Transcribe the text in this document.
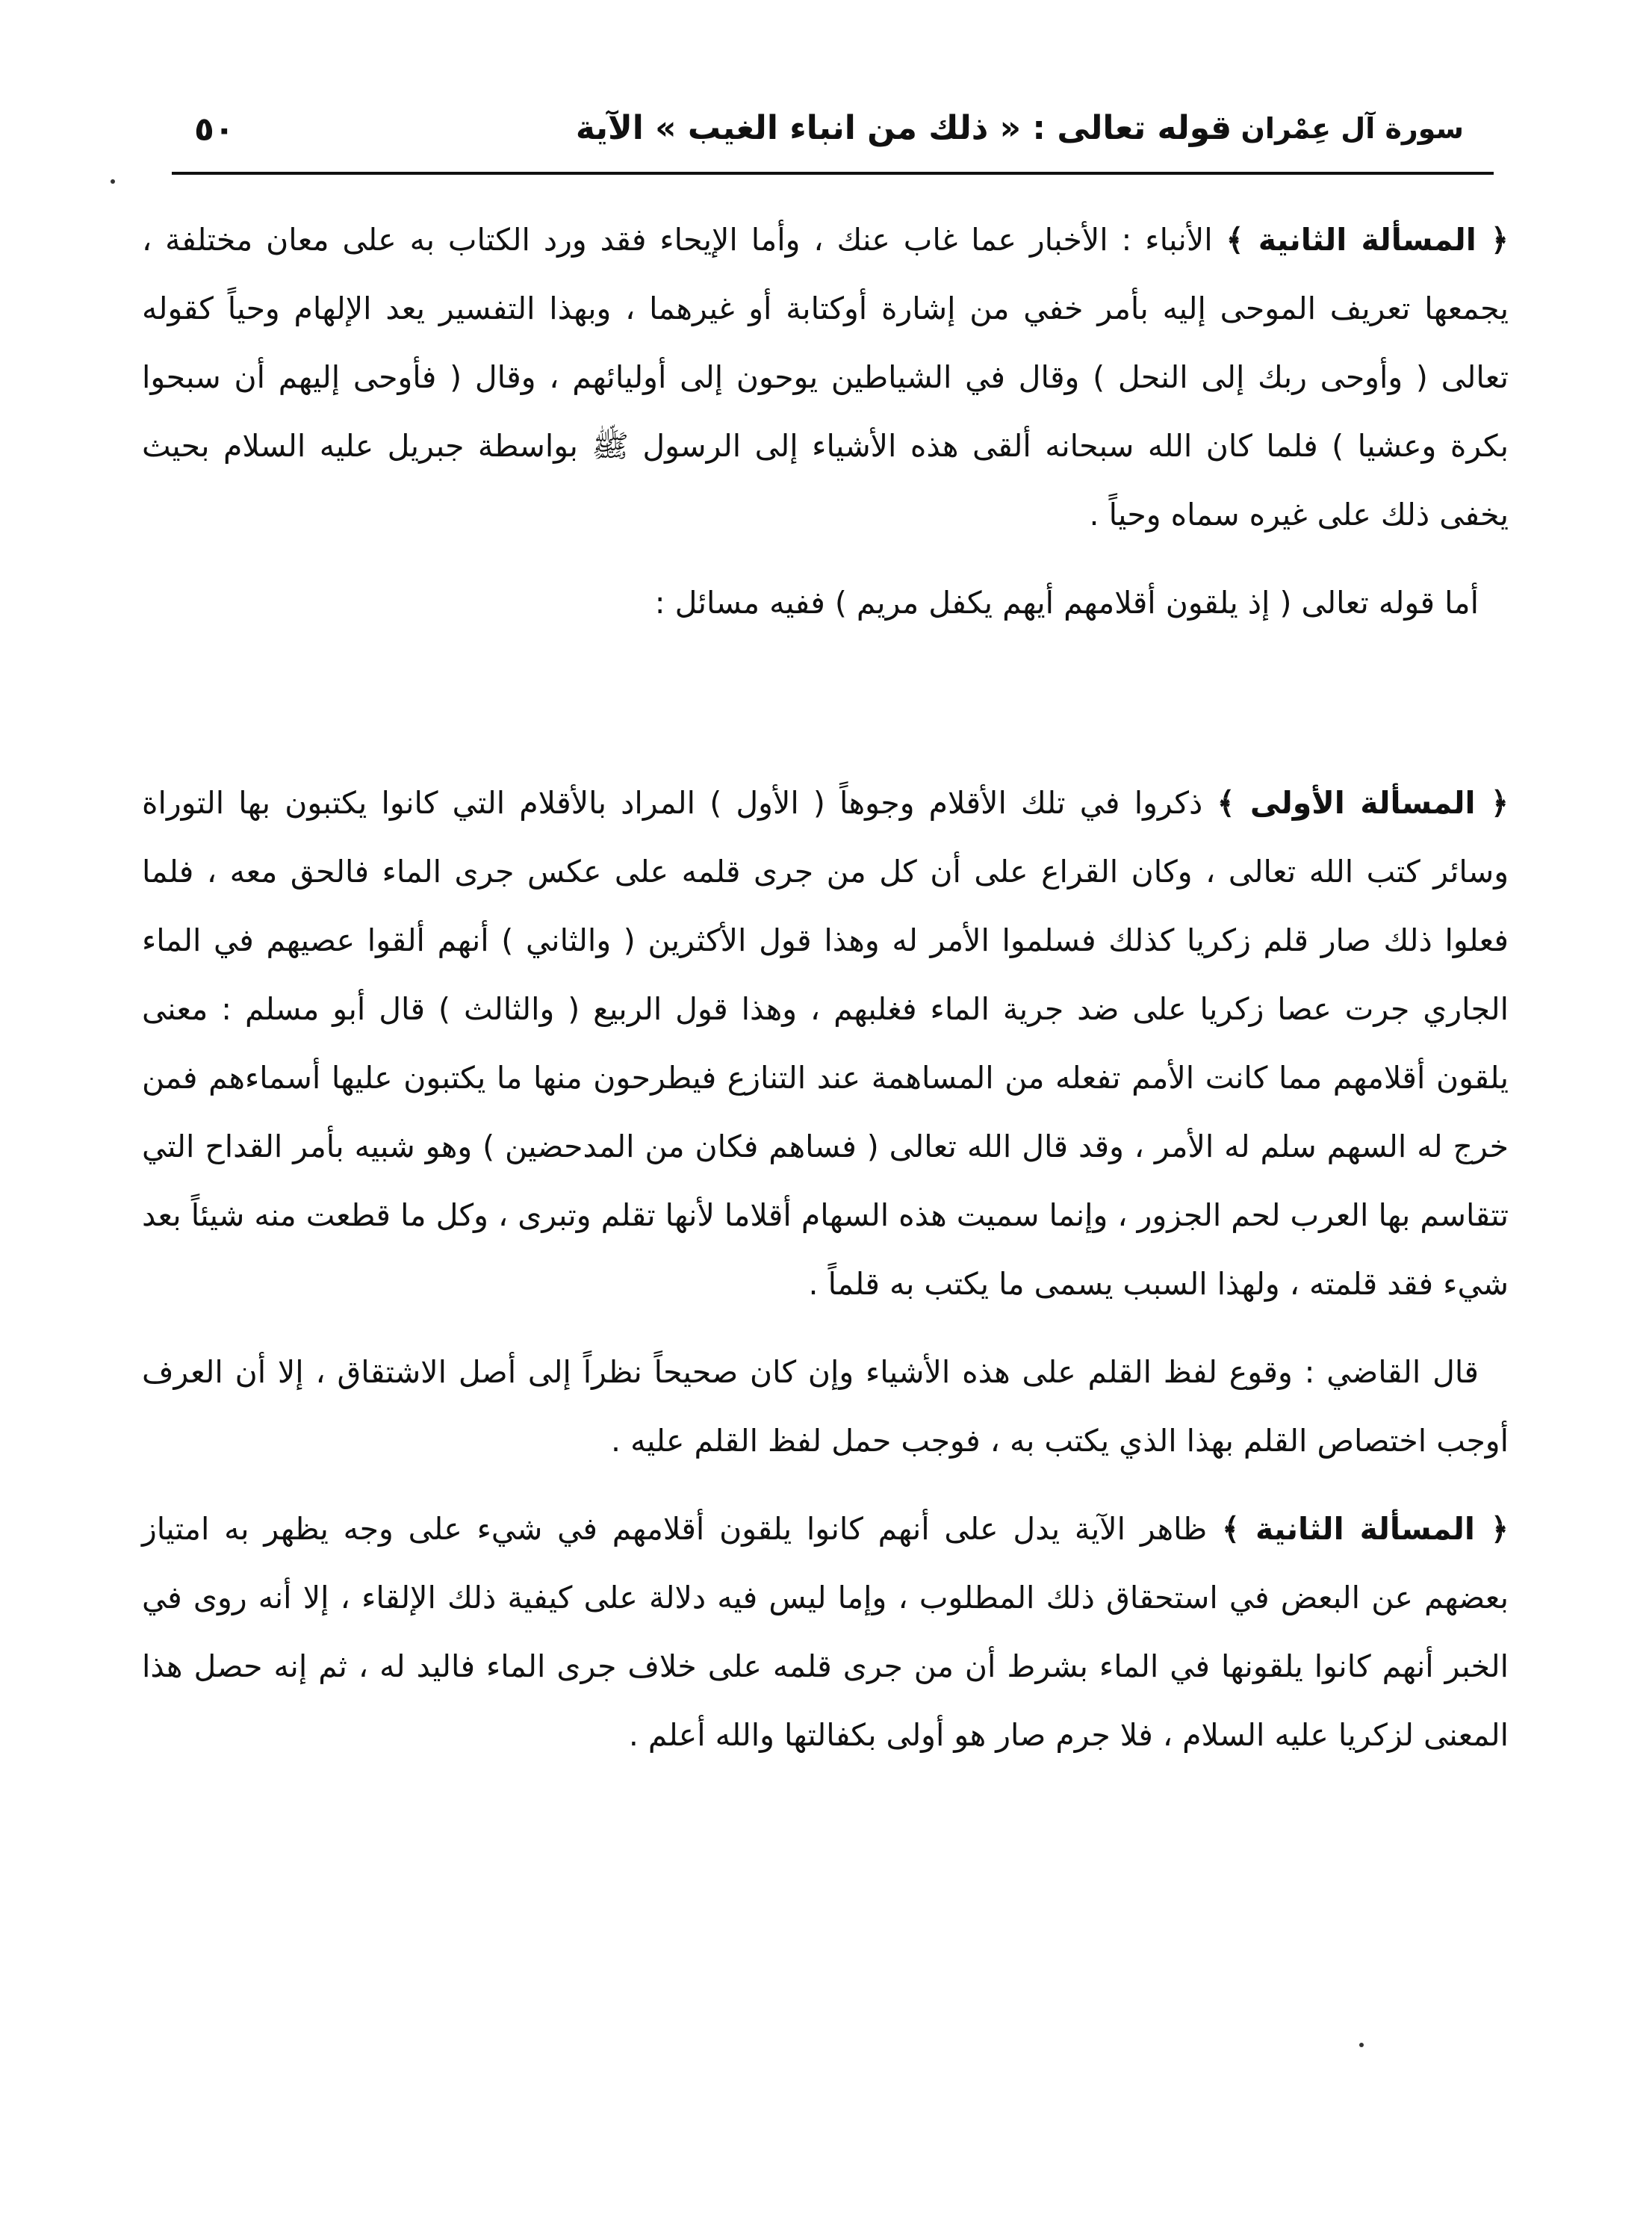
٥٠	قوله تعالى : « ذلك من انباء الغيب » الآية سورة آل عِمْران

﴿ المسألة الثانية ﴾ الأنباء : الأخبار عما غاب عنك ، وأما الإيحاء فقد ورد الكتاب به على معان مختلفة ، يجمعها تعريف الموحى إليه بأمر خفي من إشارة أوكتابة أو غيرهما ، وبهذا التفسير يعد الإلهام وحياً كقوله تعالى ( وأوحى ربك إلى النحل ) وقال في الشياطين يوحون إلى أوليائهم ، وقال ( فأوحى إليهم أن سبحوا بكرة وعشيا ) فلما كان الله سبحانه ألقى هذه الأشياء إلى الرسول ﷺ بواسطة جبريل عليه السلام بحيث يخفى ذلك على غيره سماه وحياً .

أما قوله تعالى ( إذ يلقون أقلامهم أيهم يكفل مريم ) ففيه مسائل :

﴿ المسألة الأولى ﴾ ذكروا في تلك الأقلام وجوهاً ( الأول ) المراد بالأقلام التي كانوا يكتبون بها التوراة وسائر كتب الله تعالى ، وكان القراع على أن كل من جرى قلمه على عكس جرى الماء فالحق معه ، فلما فعلوا ذلك صار قلم زكريا كذلك فسلموا الأمر له وهذا قول الأكثرين ( والثاني ) أنهم ألقوا عصيهم في الماء الجاري جرت عصا زكريا على ضد جرية الماء فغلبهم ، وهذا قول الربيع ( والثالث ) قال أبو مسلم : معنى يلقون أقلامهم مما كانت الأمم تفعله من المساهمة عند التنازع فيطرحون منها ما يكتبون عليها أسماءهم فمن خرج له السهم سلم له الأمر ، وقد قال الله تعالى ( فساهم فكان من المدحضين ) وهو شبيه بأمر القداح التي تتقاسم بها العرب لحم الجزور ، وإنما سميت هذه السهام أقلاما لأنها تقلم وتبرى ، وكل ما قطعت منه شيئاً بعد شيء فقد قلمته ، ولهذا السبب يسمى ما يكتب به قلماً .

قال القاضي : وقوع لفظ القلم على هذه الأشياء وإن كان صحيحاً نظراً إلى أصل الاشتقاق ، إلا أن العرف أوجب اختصاص القلم بهذا الذي يكتب به ، فوجب حمل لفظ القلم عليه .

﴿ المسألة الثانية ﴾ ظاهر الآية يدل على أنهم كانوا يلقون أقلامهم في شيء على وجه يظهر به امتياز بعضهم عن البعض في استحقاق ذلك المطلوب ، وإما ليس فيه دلالة على كيفية ذلك الإلقاء ، إلا أنه روى في الخبر أنهم كانوا يلقونها في الماء بشرط أن من جرى قلمه على خلاف جرى الماء فاليد له ، ثم إنه حصل هذا المعنى لزكريا عليه السلام ، فلا جرم صار هو أولى بكفالتها والله أعلم .
